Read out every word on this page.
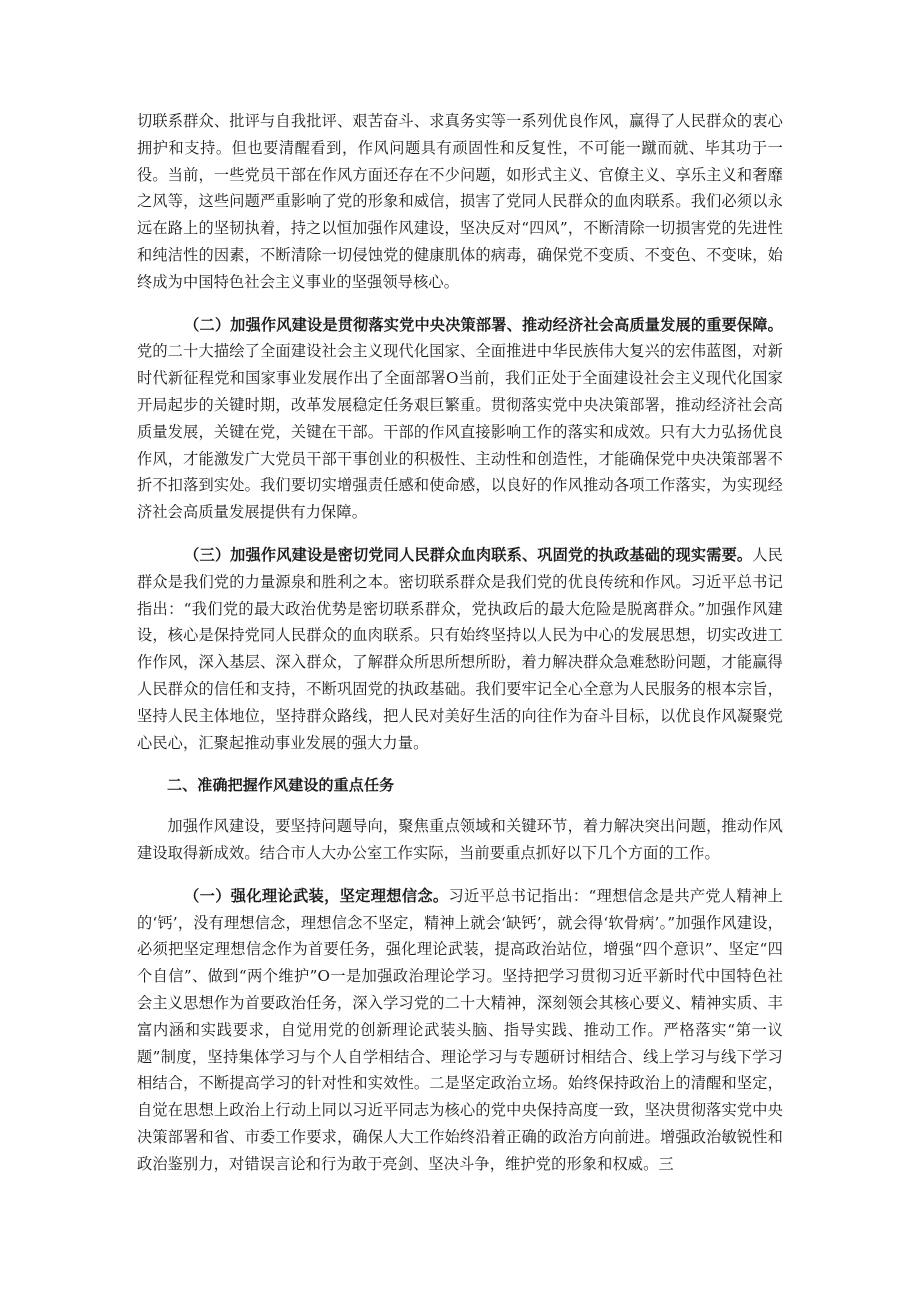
切联系群众、批评与自我批评、艰苦奋斗、求真务实等一系列优良作风，赢得了人民群众的衷心拥护和支持。但也要清醒看到，作风问题具有顽固性和反复性，不可能一蹴而就、毕其功于一役。当前，一些党员干部在作风方面还存在不少问题，如形式主义、官僚主义、享乐主义和奢靡之风等，这些问题严重影响了党的形象和威信，损害了党同人民群众的血肉联系。我们必须以永远在路上的坚韧执着，持之以恒加强作风建设，坚决反对“四风”，不断清除一切损害党的先进性和纯洁性的因素，不断清除一切侵蚀党的健康肌体的病毒，确保党不变质、不变色、不变味，始终成为中国特色社会主义事业的坚强领导核心。

（二）加强作风建设是贯彻落实党中央决策部署、推动经济社会高质量发展的重要保障。党的二十大描绘了全面建设社会主义现代化国家、全面推进中华民族伟大复兴的宏伟蓝图，对新时代新征程党和国家事业发展作出了全面部署O当前，我们正处于全面建设社会主义现代化国家开局起步的关键时期，改革发展稳定任务艰巨繁重。贯彻落实党中央决策部署，推动经济社会高质量发展，关键在党，关键在干部。干部的作风直接影响工作的落实和成效。只有大力弘扬优良作风，才能激发广大党员干部干事创业的积极性、主动性和创造性，才能确保党中央决策部署不折不扣落到实处。我们要切实增强责任感和使命感，以良好的作风推动各项工作落实，为实现经济社会高质量发展提供有力保障。

（三）加强作风建设是密切党同人民群众血肉联系、巩固党的执政基础的现实需要。人民群众是我们党的力量源泉和胜利之本。密切联系群众是我们党的优良传统和作风。习近平总书记指出：“我们党的最大政治优势是密切联系群众，党执政后的最大危险是脱离群众。”加强作风建设，核心是保持党同人民群众的血肉联系。只有始终坚持以人民为中心的发展思想，切实改进工作作风，深入基层、深入群众，了解群众所思所想所盼，着力解决群众急难愁盼问题，才能赢得人民群众的信任和支持，不断巩固党的执政基础。我们要牢记全心全意为人民服务的根本宗旨，坚持人民主体地位，坚持群众路线，把人民对美好生活的向往作为奋斗目标，以优良作风凝聚党心民心，汇聚起推动事业发展的强大力量。

二、准确把握作风建设的重点任务

加强作风建设，要坚持问题导向，聚焦重点领域和关键环节，着力解决突出问题，推动作风建设取得新成效。结合市人大办公室工作实际，当前要重点抓好以下几个方面的工作。

（一）强化理论武装，坚定理想信念。习近平总书记指出：“理想信念是共产党人精神上的‘钙’，没有理想信念，理想信念不坚定，精神上就会‘缺钙’，就会得‘软骨病’。”加强作风建设，必须把坚定理想信念作为首要任务，强化理论武装，提高政治站位，增强“四个意识”、坚定“四个自信”、做到“两个维护”O一是加强政治理论学习。坚持把学习贯彻习近平新时代中国特色社会主义思想作为首要政治任务，深入学习党的二十大精神，深刻领会其核心要义、精神实质、丰富内涵和实践要求，自觉用党的创新理论武装头脑、指导实践、推动工作。严格落实“第一议题”制度，坚持集体学习与个人自学相结合、理论学习与专题研讨相结合、线上学习与线下学习相结合，不断提高学习的针对性和实效性。二是坚定政治立场。始终保持政治上的清醒和坚定，自觉在思想上政治上行动上同以习近平同志为核心的党中央保持高度一致，坚决贯彻落实党中央决策部署和省、市委工作要求，确保人大工作始终沿着正确的政治方向前进。增强政治敏锐性和政治鉴别力，对错误言论和行为敢于亮剑、坚决斗争，维护党的形象和权威。三
